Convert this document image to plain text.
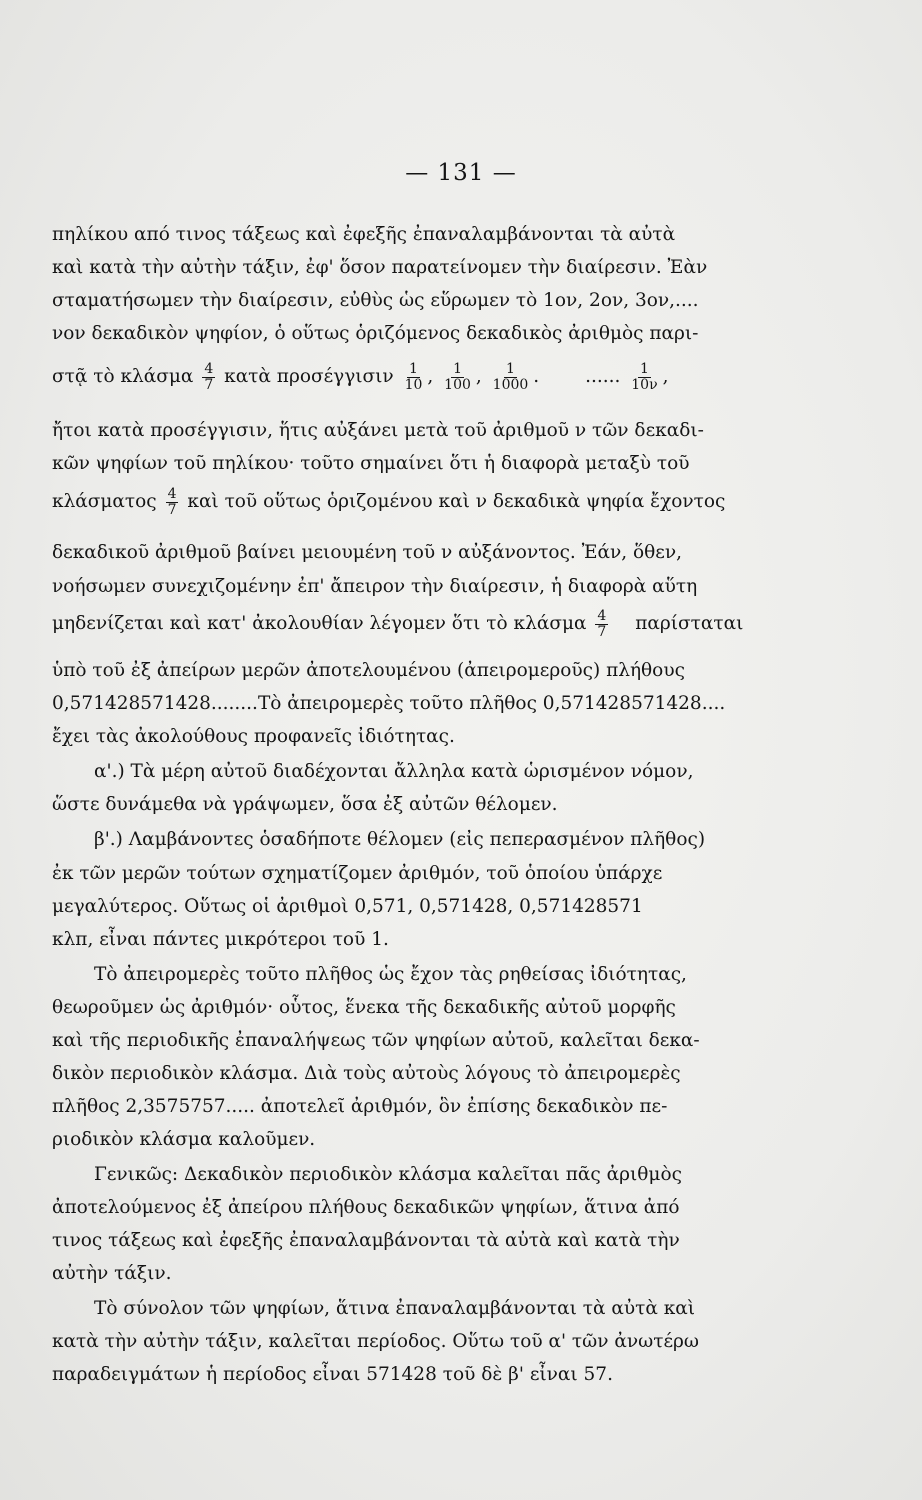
— 131 —
πηλίκου από τινος τάξεως καὶ ἐφεξῆς ἐπαναλαμβάνονται τὰ αὐτὰ
καὶ κατὰ τὴν αὐτὴν τάξιν, ἐφ' ὅσον παρατείνομεν τὴν διαίρεσιν. Ἐὰν
σταματήσωμεν τὴν διαίρεσιν, εὐθὺς ὡς εὕρωμεν τὸ 1ον, 2ον, 3ον,....
νον δεκαδικὸν ψηφίον, ὁ οὕτως ὁριζόμενος δεκαδικὸς ἀριθμὸς παρι-
στᾷ τὸ κλάσμα $\frac{4}{7}$ κατὰ προσέγγισιν $\frac{1}{10}$ , $\frac{1}{100}$ , $\frac{1}{1000}$ . ...... $\frac{1}{10\nu}$ ,
ἤτοι κατὰ προσέγγισιν, ἥτις αὐξάνει μετὰ τοῦ ἀριθμοῦ ν τῶν δεκαδι-
κῶν ψηφίων τοῦ πηλίκου· τοῦτο σημαίνει ὅτι ἡ διαφορὰ μεταξὺ τοῦ
κλάσματος $\frac{4}{7}$ καὶ τοῦ οὕτως ὁριζομένου καὶ ν δεκαδικὰ ψηφία ἔχοντος
δεκαδικοῦ ἀριθμοῦ βαίνει μειουμένη τοῦ ν αὐξάνοντος. Ἐάν, ὅθεν,
νοήσωμεν συνεχιζομένην ἐπ' ἄπειρον τὴν διαίρεσιν, ἡ διαφορὰ αὕτη
μηδενίζεται καὶ κατ' ἀκολουθίαν λέγομεν ὅτι τὸ κλάσμα $\frac{4}{7}$ παρίσταται
ὑπὸ τοῦ ἐξ ἀπείρων μερῶν ἀποτελουμένου (ἀπειρομεροῦς) πλήθους
0,571428571428........Τὸ ἀπειρομερὲς τοῦτο πλῆθος 0,571428571428....
ἔχει τὰς ἀκολούθους προφανεῖς ἰδιότητας.
α'.) Τὰ μέρη αὐτοῦ διαδέχονται ἄλληλα κατὰ ὡρισμένον νόμον,
ὥστε δυνάμεθα νὰ γράψωμεν, ὅσα ἐξ αὐτῶν θέλομεν.
β'.) Λαμβάνοντες ὁσαδήποτε θέλομεν (εἰς πεπερασμένον πλῆθος)
ἐκ τῶν μερῶν τούτων σχηματίζομεν ἀριθμόν, τοῦ ὁποίου ὑπάρχε
μεγαλύτερος. Οὕτως οἱ ἀριθμοὶ 0,571, 0,571428, 0,571428571
κλπ, εἶναι πάντες μικρότεροι τοῦ 1.
Τὸ ἀπειρομερὲς τοῦτο πλῆθος ὡς ἔχον τὰς ρηθείσας ἰδιότητας,
θεωροῦμεν ὡς ἀριθμόν· οὗτος, ἕνεκα τῆς δεκαδικῆς αὐτοῦ μορφῆς
καὶ τῆς περιοδικῆς ἐπαναλήψεως τῶν ψηφίων αὐτοῦ, καλεῖται δεκα-
δικὸν περιοδικὸν κλάσμα. Διὰ τοὺς αὐτοὺς λόγους τὸ ἀπειρομερὲς
πλῆθος 2,3575757..... ἀποτελεῖ ἀριθμόν, ὃν ἐπίσης δεκαδικὸν πε-
ριοδικὸν κλάσμα καλοῦμεν.
Γενικῶς: Δεκαδικὸν περιοδικὸν κλάσμα καλεῖται πᾶς ἀριθμὸς
ἀποτελούμενος ἐξ ἀπείρου πλήθους δεκαδικῶν ψηφίων, ἅτινα ἀπό
τινος τάξεως καὶ ἐφεξῆς ἐπαναλαμβάνονται τὰ αὐτὰ καὶ κατὰ τὴν
αὐτὴν τάξιν.
Τὸ σύνολον τῶν ψηφίων, ἅτινα ἐπαναλαμβάνονται τὰ αὐτὰ καὶ
κατὰ τὴν αὐτὴν τάξιν, καλεῖται περίοδος. Οὕτω τοῦ α' τῶν ἀνωτέρω
παραδειγμάτων ἡ περίοδος εἶναι 571428 τοῦ δὲ β' εἶναι 57.
